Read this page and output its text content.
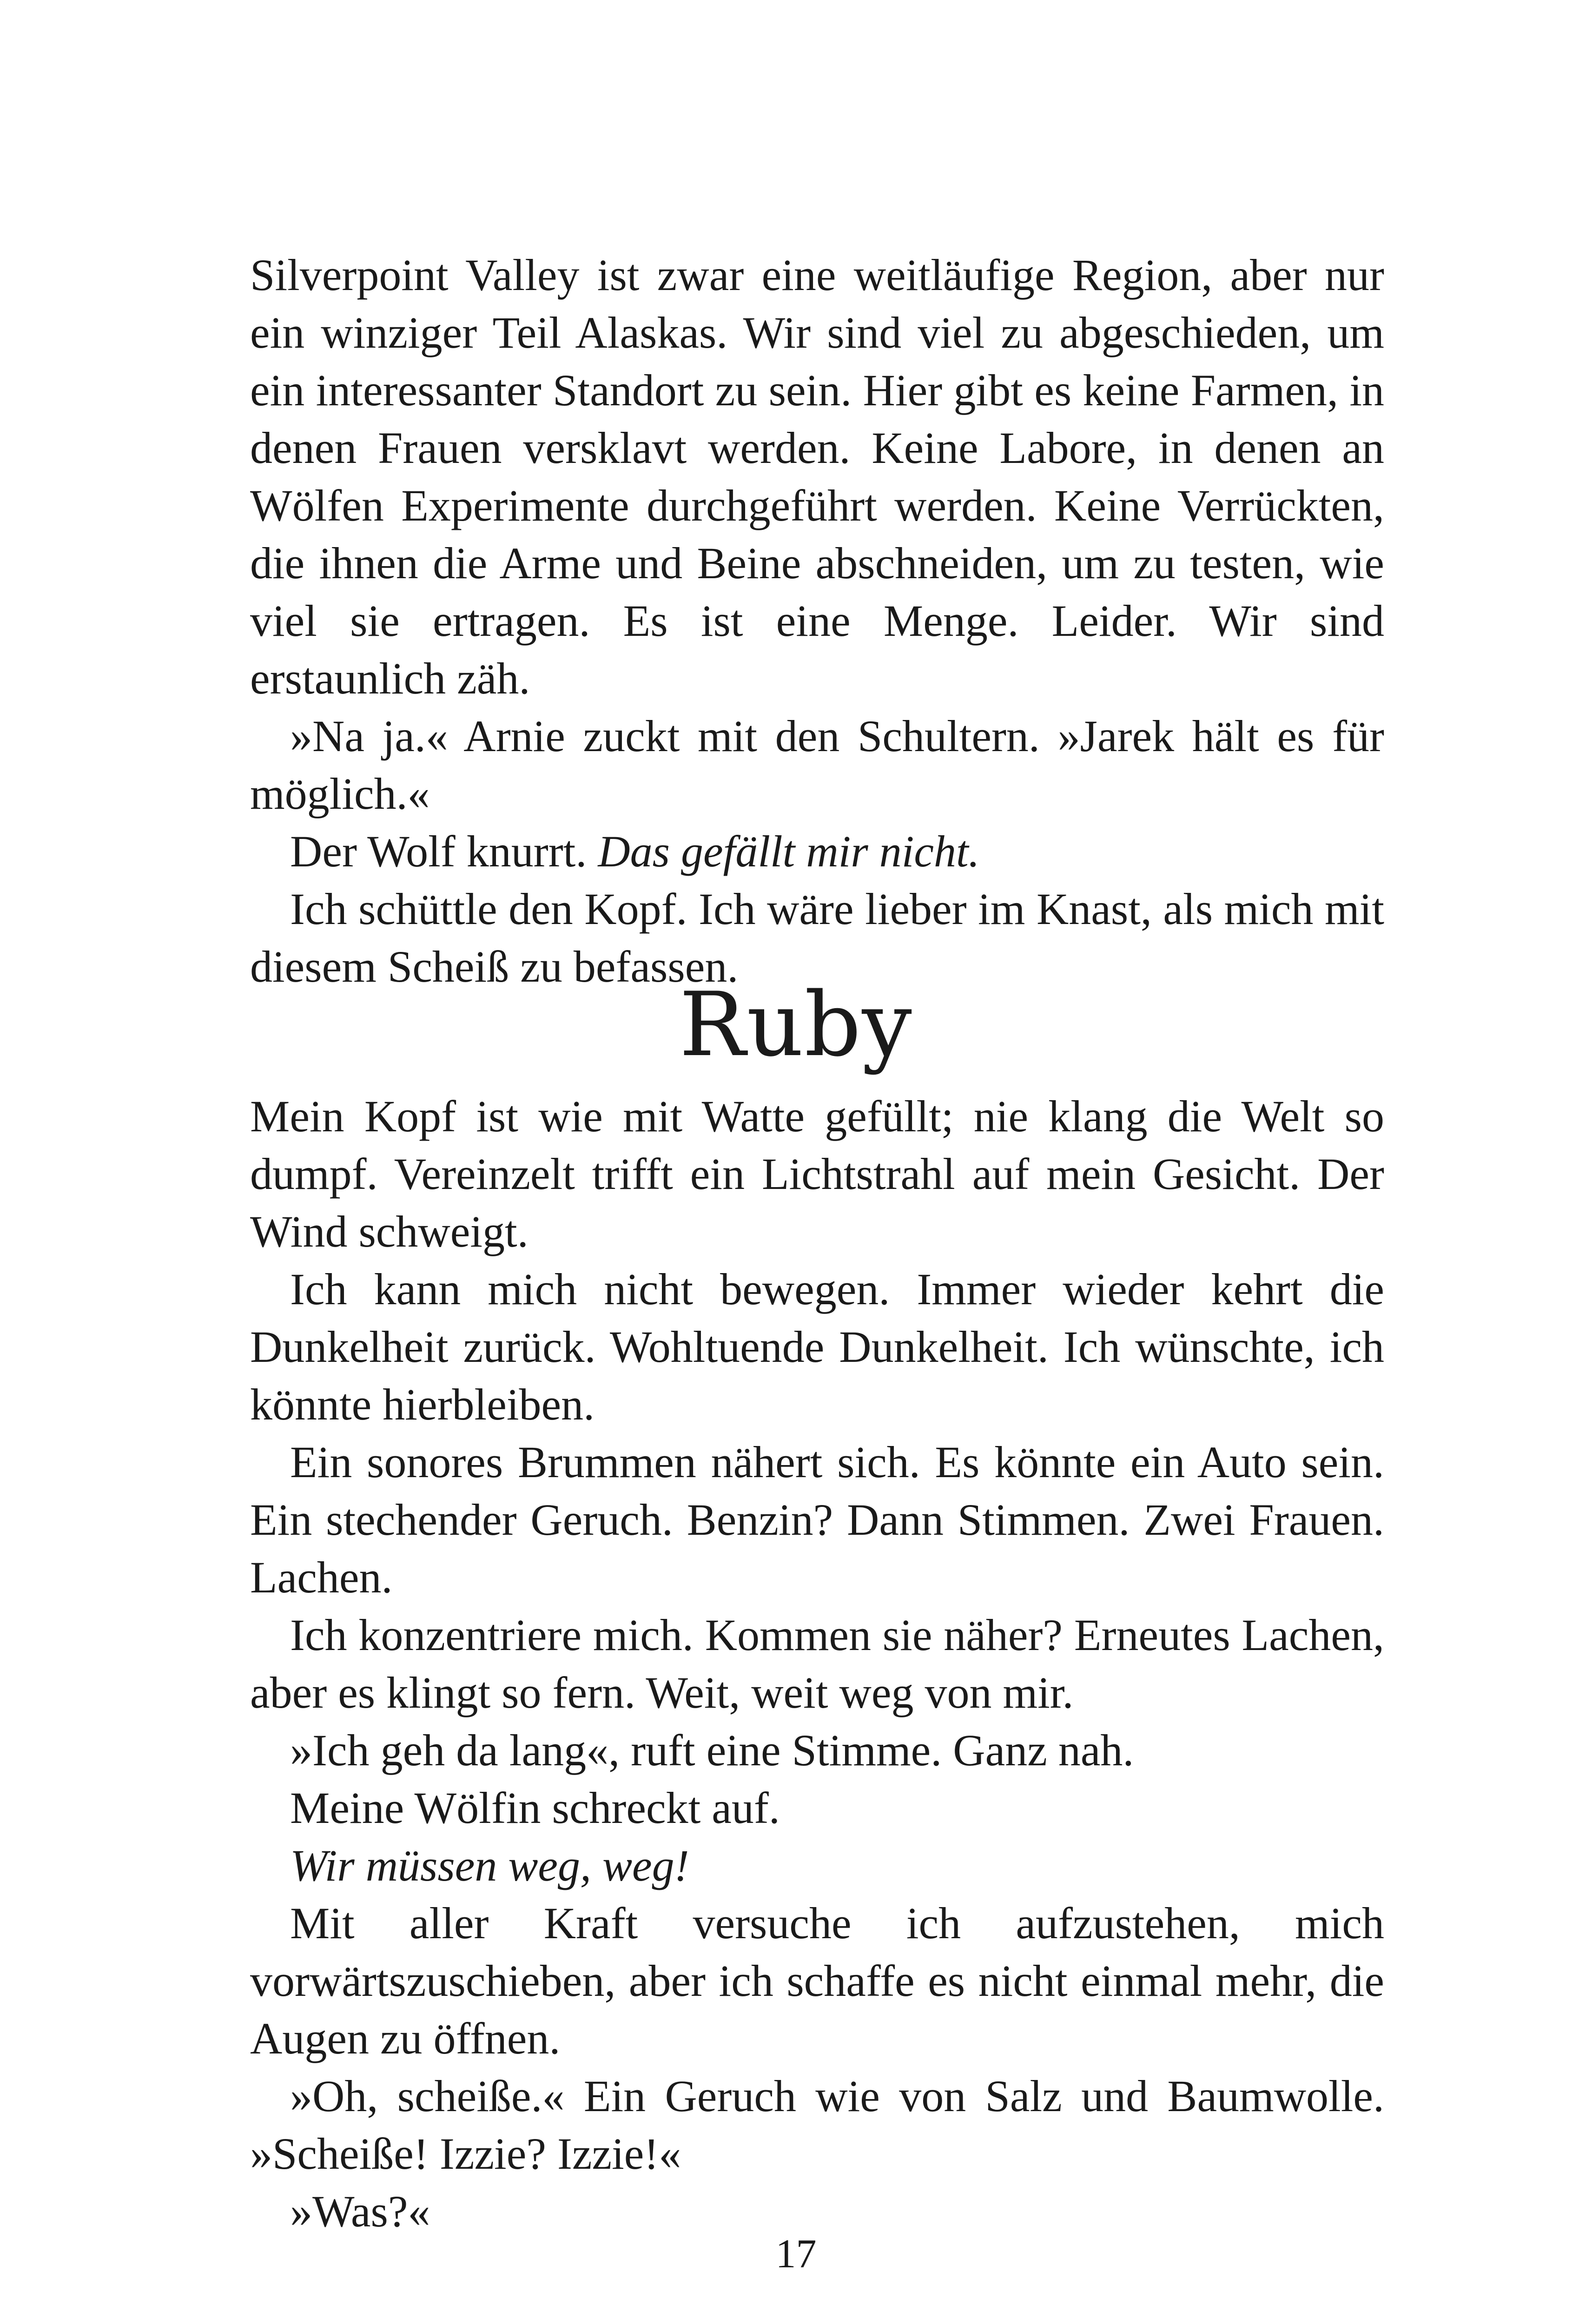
Silverpoint Valley ist zwar eine weitläufige Region, aber nur ein winziger Teil Alaskas. Wir sind viel zu abgeschieden, um ein interessanter Standort zu sein. Hier gibt es keine Farmen, in denen Frauen versklavt werden. Keine Labore, in denen an Wölfen Experimente durchgeführt werden. Keine Verrückten, die ihnen die Arme und Beine abschneiden, um zu testen, wie viel sie ertragen. Es ist eine Menge. Leider. Wir sind erstaunlich zäh.

»Na ja.« Arnie zuckt mit den Schultern. »Jarek hält es für möglich.«

Der Wolf knurrt. Das gefällt mir nicht.

Ich schüttle den Kopf. Ich wäre lieber im Knast, als mich mit diesem Scheiß zu befassen.

Ruby

Mein Kopf ist wie mit Watte gefüllt; nie klang die Welt so dumpf. Vereinzelt trifft ein Lichtstrahl auf mein Gesicht. Der Wind schweigt.

Ich kann mich nicht bewegen. Immer wieder kehrt die Dunkelheit zurück. Wohltuende Dunkelheit. Ich wünschte, ich könnte hierbleiben.

Ein sonores Brummen nähert sich. Es könnte ein Auto sein. Ein stechender Geruch. Benzin? Dann Stimmen. Zwei Frauen. Lachen.

Ich konzentriere mich. Kommen sie näher? Erneutes Lachen, aber es klingt so fern. Weit, weit weg von mir.

»Ich geh da lang«, ruft eine Stimme. Ganz nah.

Meine Wölfin schreckt auf.

Wir müssen weg, weg!

Mit aller Kraft versuche ich aufzustehen, mich vorwärtszuschieben, aber ich schaffe es nicht einmal mehr, die Augen zu öffnen.

»Oh, scheiße.« Ein Geruch wie von Salz und Baumwolle. »Scheiße! Izzie? Izzie!«

»Was?«

17
